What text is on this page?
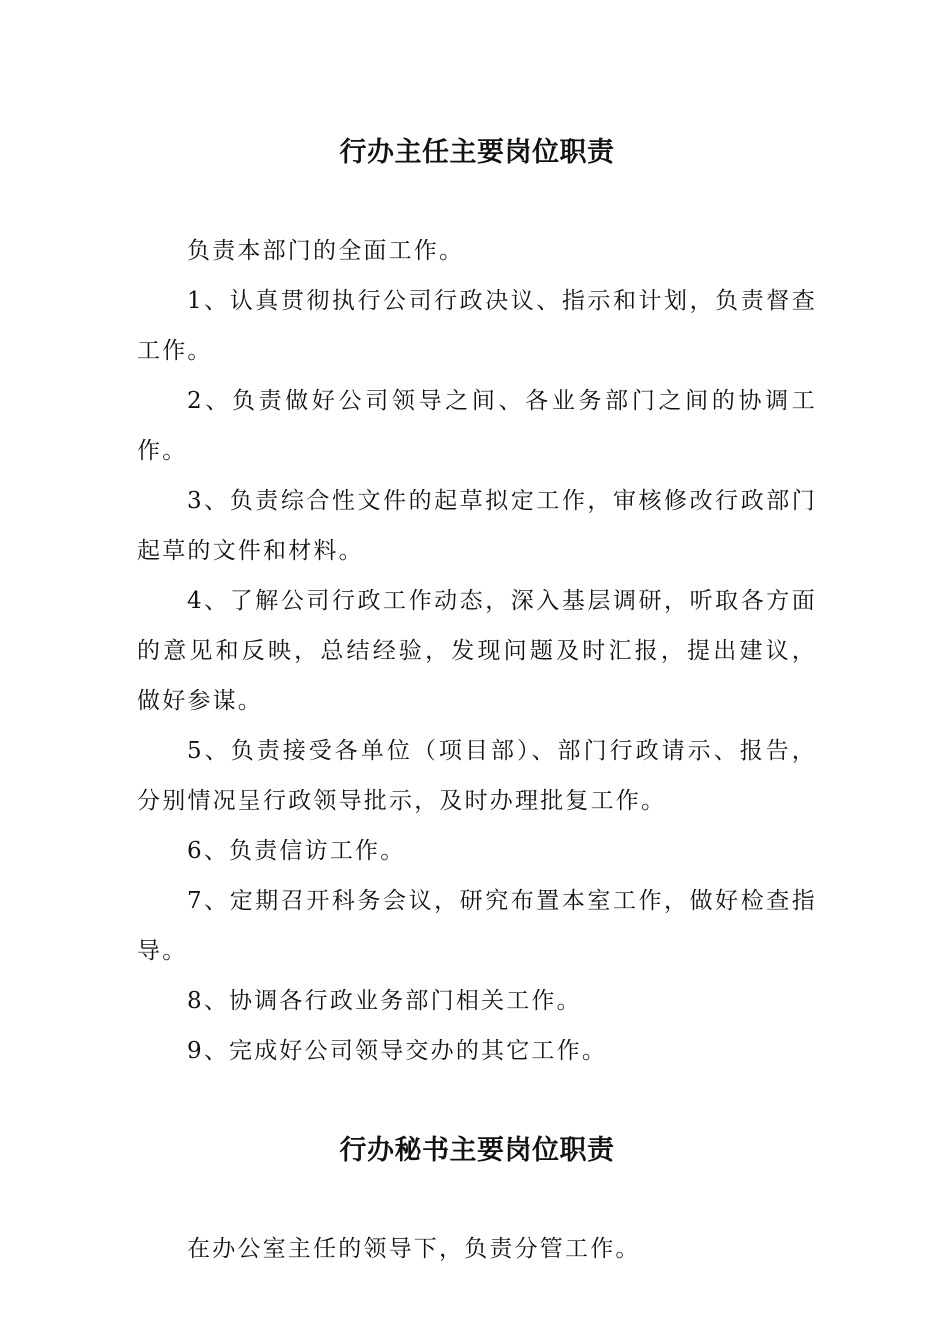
行办主任主要岗位职责

负责本部门的全面工作。

1、认真贯彻执行公司行政决议、指示和计划，负责督查工作。

2、负责做好公司领导之间、各业务部门之间的协调工作。

3、负责综合性文件的起草拟定工作，审核修改行政部门起草的文件和材料。

4、了解公司行政工作动态，深入基层调研，听取各方面的意见和反映，总结经验，发现问题及时汇报，提出建议，做好参谋。

5、负责接受各单位（项目部）、部门行政请示、报告，分别情况呈行政领导批示，及时办理批复工作。

6、负责信访工作。

7、定期召开科务会议，研究布置本室工作，做好检查指导。

8、协调各行政业务部门相关工作。

9、完成好公司领导交办的其它工作。

行办秘书主要岗位职责

在办公室主任的领导下，负责分管工作。
